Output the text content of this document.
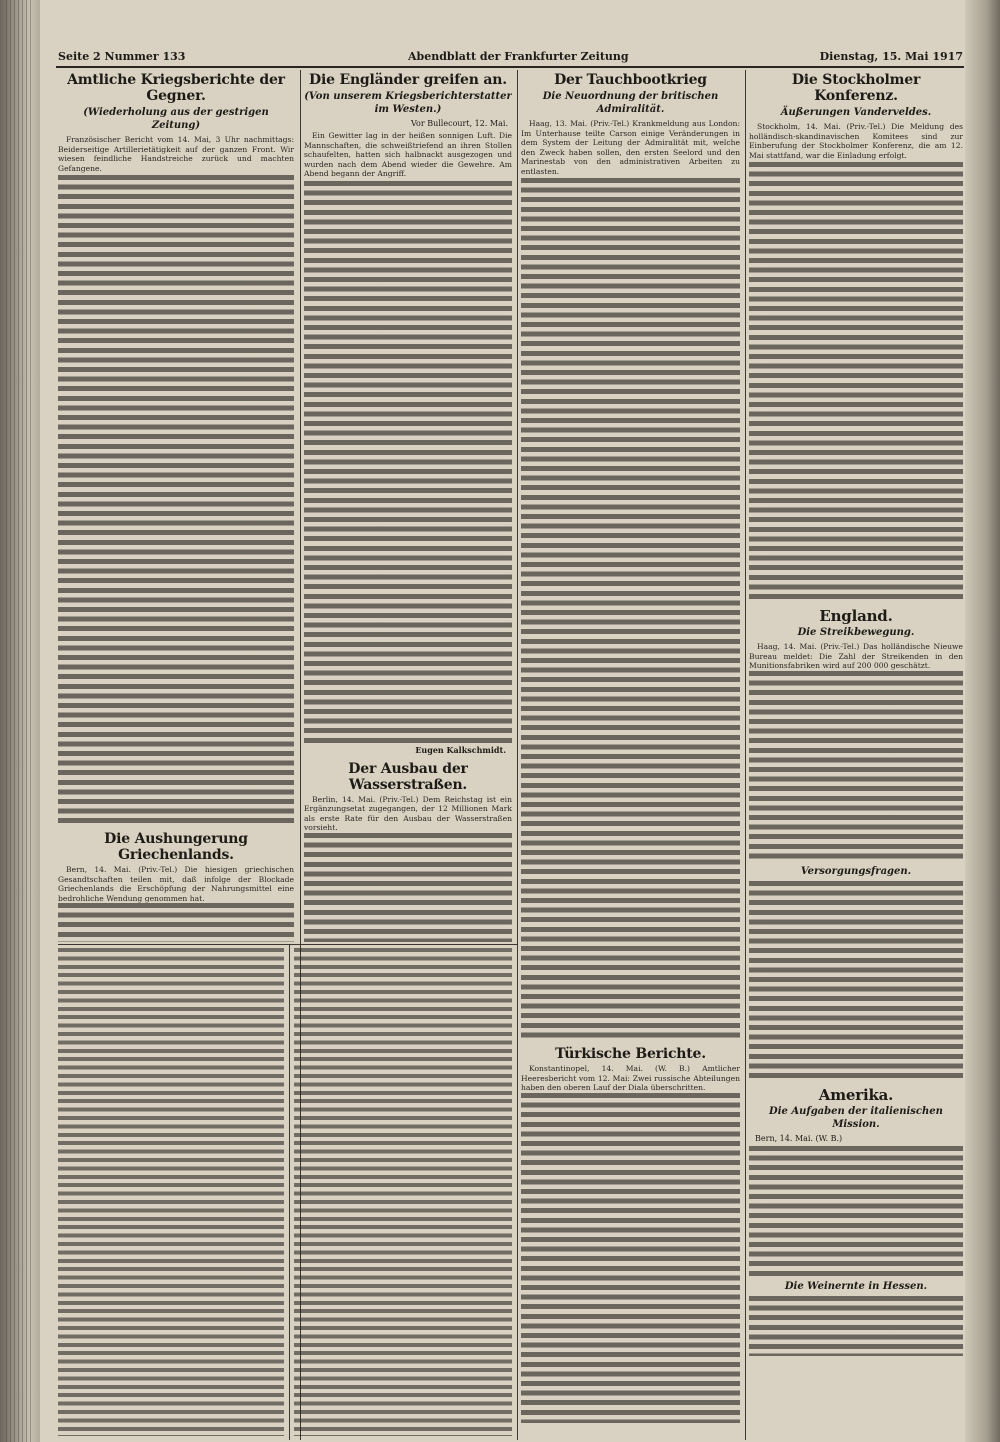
Seite 2 Nummer 133	Abendblatt der Frankfurter Zeitung	Dienstag, 15. Mai 1917
Amtliche Kriegsberichte der Gegner.
(Wiederholung aus der gestrigen Zeitung)

Französischer Bericht vom 14. Mai, 3 Uhr nachmittags: Beiderseitige Artillerietätigkeit auf der ganzen Front. Wir wiesen feindliche Handstreiche zurück und machten Gefangene.

Die Aushungerung Griechenlands.

Bern, 14. Mai. (Priv.-Tel.) Die hiesigen griechischen Gesandtschaften teilen mit, daß infolge der Blockade Griechenlands die Erschöpfung der Nahrungsmittel eine bedrohliche Wendung genommen hat.

Die Engländer greifen an.
(Von unserem Kriegsberichterstatter im Westen.)
Vor Bullecourt, 12. Mai.

Ein Gewitter lag in der heißen sonnigen Luft. Die Mannschaften, die schweißtriefend an ihren Stollen schaufelten, hatten sich halbnackt ausgezogen und wurden nach dem Abend wieder die Gewehre. Am Abend begann der Angriff.

Eugen Kalkschmidt.
Der Ausbau der Wasserstraßen.

Berlin, 14. Mai. (Priv.-Tel.) Dem Reichstag ist ein Ergänzungsetat zugegangen, der 12 Millionen Mark als erste Rate für den Ausbau der Wasserstraßen vorsieht.

Der Tauchbootkrieg
Die Neuordnung der britischen Admiralität.

Haag, 13. Mai. (Priv.-Tel.) Krankmeldung aus London: Im Unterhause teilte Carson einige Veränderungen in dem System der Leitung der Admiralität mit, welche den Zweck haben sollen, den ersten Seelord und den Marinestab von den administrativen Arbeiten zu entlasten.

Türkische Berichte.

Konstantinopel, 14. Mai. (W. B.) Amtlicher Heeresbericht vom 12. Mai: Zwei russische Abteilungen haben den oberen Lauf der Diala überschritten.

Die Stockholmer Konferenz.
Äußerungen Vanderveldes.

Stockholm, 14. Mai. (Priv.-Tel.) Die Meldung des holländisch-skandinavischen Komitees sind zur Einberufung der Stockholmer Konferenz, die am 12. Mai stattfand, war die Einladung erfolgt.

England.
Die Streikbewegung.

Haag, 14. Mai. (Priv.-Tel.) Das holländische Nieuwe Bureau meldet: Die Zahl der Streikenden in den Munitionsfabriken wird auf 200 000 geschätzt.

Versorgungsfragen.
Amerika.
Die Aufgaben der italienischen Mission.
Bern, 14. Mai. (W. B.)
Die Weinernte in Hessen.
